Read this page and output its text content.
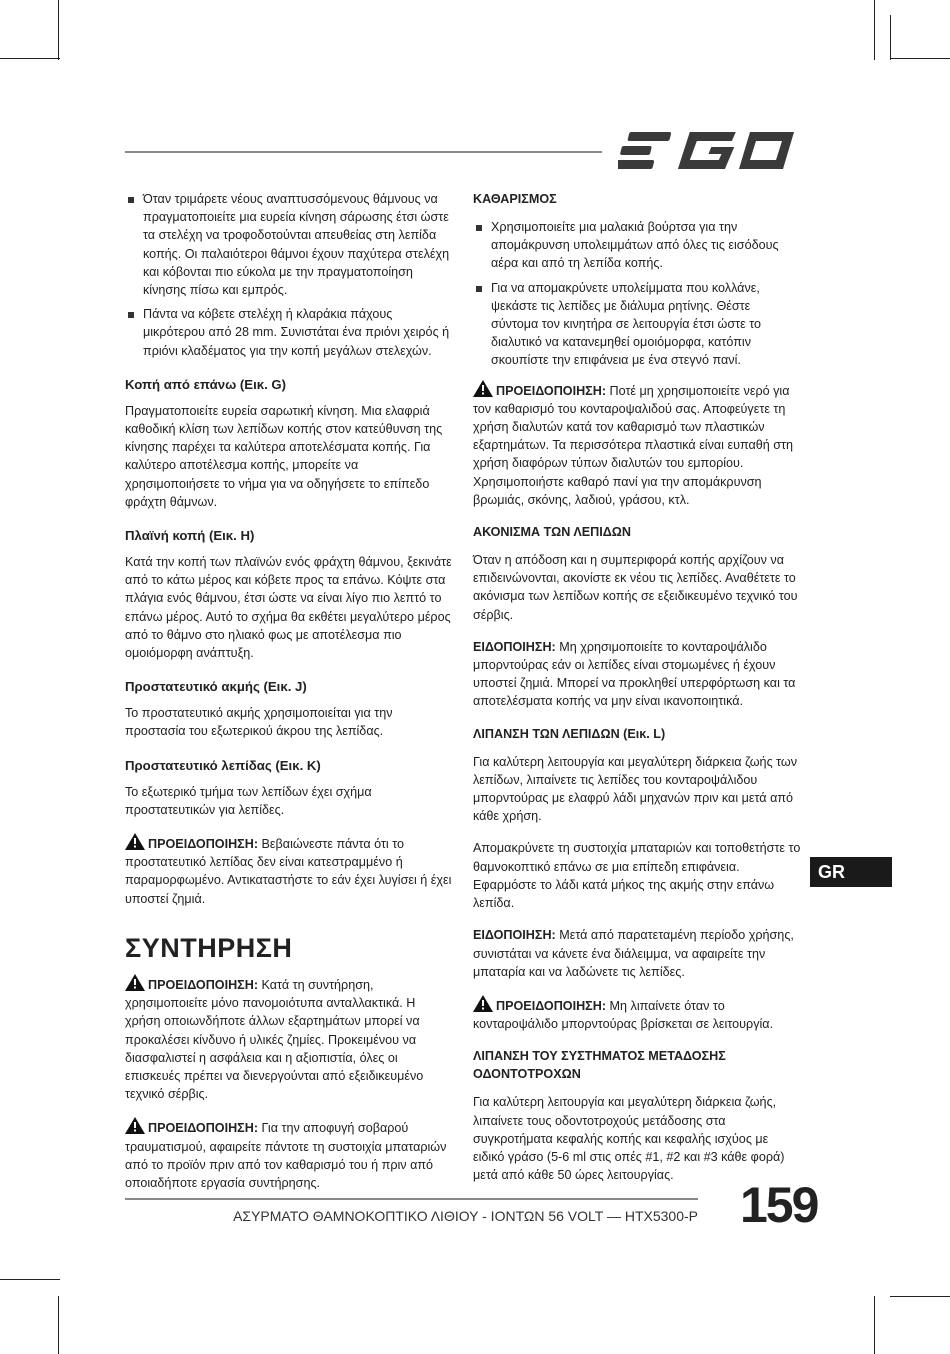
Όταν τριμάρετε νέους αναπτυσσόμενους θάμνους να πραγματοποιείτε μια ευρεία κίνηση σάρωσης έτσι ώστε τα στελέχη να τροφοδοτούνται απευθείας στη λεπίδα κοπής. Οι παλαιότεροι θάμνοι έχουν παχύτερα στελέχη και κόβονται πιο εύκολα με την πραγματοποίηση κίνησης πίσω και εμπρός.
Πάντα να κόβετε στελέχη ή κλαράκια πάχους μικρότερου από 28 mm. Συνιστάται ένα πριόνι χειρός ή πριόνι κλαδέματος για την κοπή μεγάλων στελεχών.
Κοπή από επάνω (Εικ. G)

Πραγματοποιείτε ευρεία σαρωτική κίνηση. Μια ελαφριά καθοδική κλίση των λεπίδων κοπής στον κατεύθυνση της κίνησης παρέχει τα καλύτερα αποτελέσματα κοπής. Για καλύτερο αποτέλεσμα κοπής, μπορείτε να χρησιμοποιήσετε το νήμα για να οδηγήσετε το επίπεδο φράχτη θάμνων.

Πλαϊνή κοπή (Εικ. H)

Κατά την κοπή των πλαϊνών ενός φράχτη θάμνου, ξεκινάτε από το κάτω μέρος και κόβετε προς τα επάνω. Κόψτε στα πλάγια ενός θάμνου, έτσι ώστε να είναι λίγο πιο λεπτό το επάνω μέρος. Αυτό το σχήμα θα εκθέτει μεγαλύτερο μέρος από το θάμνο στο ηλιακό φως με αποτέλεσμα πιο ομοιόμορφη ανάπτυξη.

Προστατευτικό ακμής (Εικ. J)

Το προστατευτικό ακμής χρησιμοποιείται για την προστασία του εξωτερικού άκρου της λεπίδας.

Προστατευτικό λεπίδας (Εικ. K)

Το εξωτερικό τμήμα των λεπίδων έχει σχήμα προστατευτικών για λεπίδες.

ΠΡΟΕΙΔΟΠΟΙΗΣΗ: Βεβαιώνεστε πάντα ότι το προστατευτικό λεπίδας δεν είναι κατεστραμμένο ή παραμορφωμένο. Αντικαταστήστε το εάν έχει λυγίσει ή έχει υποστεί ζημιά.

ΣΥΝΤΗΡΗΣΗ

ΠΡΟΕΙΔΟΠΟΙΗΣΗ: Κατά τη συντήρηση, χρησιμοποιείτε μόνο πανομοιότυπα ανταλλακτικά. Η χρήση οποιωνδήποτε άλλων εξαρτημάτων μπορεί να προκαλέσει κίνδυνο ή υλικές ζημίες. Προκειμένου να διασφαλιστεί η ασφάλεια και η αξιοπιστία, όλες οι επισκευές πρέπει να διενεργούνται από εξειδικευμένο τεχνικό σέρβις.

ΠΡΟΕΙΔΟΠΟΙΗΣΗ: Για την αποφυγή σοβαρού τραυματισμού, αφαιρείτε πάντοτε τη συστοιχία μπαταριών από το προϊόν πριν από τον καθαρισμό του ή πριν από οποιαδήποτε εργασία συντήρησης.

ΚΑΘΑΡΙΣΜΟΣ
Χρησιμοποιείτε μια μαλακιά βούρτσα για την απομάκρυνση υπολειμμάτων από όλες τις εισόδους αέρα και από τη λεπίδα κοπής.
Για να απομακρύνετε υπολείμματα που κολλάνε, ψεκάστε τις λεπίδες με διάλυμα ρητίνης. Θέστε σύντομα τον κινητήρα σε λειτουργία έτσι ώστε το διαλυτικό να κατανεμηθεί ομοιόμορφα, κατόπιν σκουπίστε την επιφάνεια με ένα στεγνό πανί.

ΠΡΟΕΙΔΟΠΟΙΗΣΗ: Ποτέ μη χρησιμοποιείτε νερό για τον καθαρισμό του κονταροψαλιδού σας. Αποφεύγετε τη χρήση διαλυτών κατά τον καθαρισμό των πλαστικών εξαρτημάτων. Τα περισσότερα πλαστικά είναι ευπαθή στη χρήση διαφόρων τύπων διαλυτών του εμπορίου. Χρησιμοποιήστε καθαρό πανί για την απομάκρυνση βρωμιάς, σκόνης, λαδιού, γράσου, κτλ.

ΑΚΟΝΙΣΜΑ ΤΩΝ ΛΕΠΙΔΩΝ

Όταν η απόδοση και η συμπεριφορά κοπής αρχίζουν να επιδεινώνονται, ακονίστε εκ νέου τις λεπίδες. Αναθέτετε το ακόνισμα των λεπίδων κοπής σε εξειδικευμένο τεχνικό του σέρβις.

ΕΙΔΟΠΟΙΗΣΗ: Μη χρησιμοποιείτε το κονταροψάλιδο μπορντούρας εάν οι λεπίδες είναι στομωμένες ή έχουν υποστεί ζημιά. Μπορεί να προκληθεί υπερφόρτωση και τα αποτελέσματα κοπής να μην είναι ικανοποιητικά.

ΛΙΠΑΝΣΗ ΤΩΝ ΛΕΠΙΔΩΝ (Εικ. L)

Για καλύτερη λειτουργία και μεγαλύτερη διάρκεια ζωής των λεπίδων, λιπαίνετε τις λεπίδες του κονταροψάλιδου μπορντούρας με ελαφρύ λάδι μηχανών πριν και μετά από κάθε χρήση.

Απομακρύνετε τη συστοιχία μπαταριών και τοποθετήστε το θαμνοκοπτικό επάνω σε μια επίπεδη επιφάνεια. Εφαρμόστε το λάδι κατά μήκος της ακμής στην επάνω λεπίδα.

ΕΙΔΟΠΟΙΗΣΗ: Μετά από παρατεταμένη περίοδο χρήσης, συνιστάται να κάνετε ένα διάλειμμα, να αφαιρείτε την μπαταρία και να λαδώνετε τις λεπίδες.

ΠΡΟΕΙΔΟΠΟΙΗΣΗ: Μη λιπαίνετε όταν το κονταροψάλιδο μπορντούρας βρίσκεται σε λειτουργία.

ΛΙΠΑΝΣΗ ΤΟΥ ΣΥΣΤΗΜΑΤΟΣ ΜΕΤΑΔΟΣΗΣ ΟΔΟΝΤΟΤΡΟΧΩΝ

Για καλύτερη λειτουργία και μεγαλύτερη διάρκεια ζωής, λιπαίνετε τους οδοντοτροχούς μετάδοσης στα συγκροτήματα κεφαλής κοπής και κεφαλής ισχύος με ειδικό γράσο (5-6 ml στις οπές #1, #2 και #3 κάθε φορά) μετά από κάθε 50 ώρες λειτουργίας.

GR
ΑΣΥΡΜΑΤΟ ΘΑΜΝΟΚΟΠΤΙΚΟ ΛΙΘΙΟΥ - ΙΟΝΤΩΝ 56 VOLT — HTX5300-P 159
